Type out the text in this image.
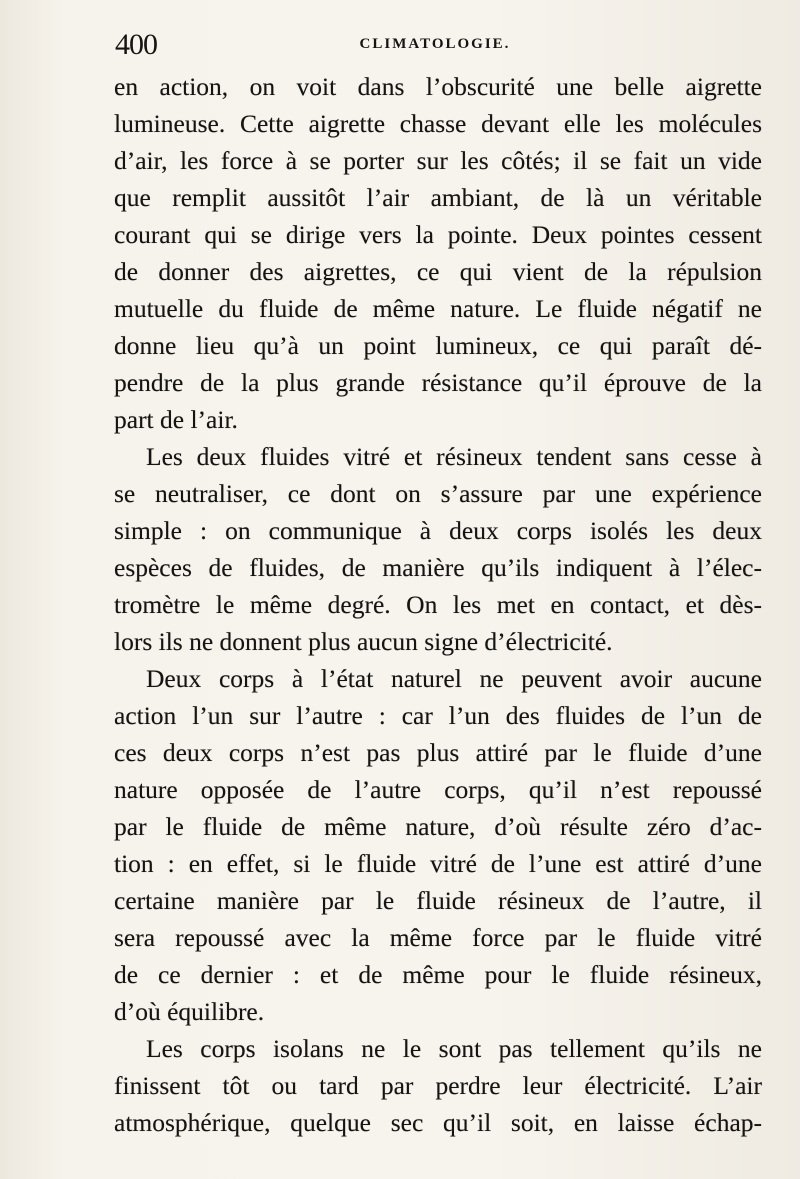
400	CLIMATOLOGIE.
en action, on voit dans l’obscurité une belle aigrette
lumineuse. Cette aigrette chasse devant elle les molécules
d’air, les force à se porter sur les côtés; il se fait un vide
que remplit aussitôt l’air ambiant, de là un véritable
courant qui se dirige vers la pointe. Deux pointes cessent
de donner des aigrettes, ce qui vient de la répulsion
mutuelle du fluide de même nature. Le fluide négatif ne
donne lieu qu’à un point lumineux, ce qui paraît dé-
pendre de la plus grande résistance qu’il éprouve de la
part de l’air.
Les deux fluides vitré et résineux tendent sans cesse à
se neutraliser, ce dont on s’assure par une expérience
simple : on communique à deux corps isolés les deux
espèces de fluides, de manière qu’ils indiquent à l’élec-
tromètre le même degré. On les met en contact, et dès-
lors ils ne donnent plus aucun signe d’électricité.
Deux corps à l’état naturel ne peuvent avoir aucune
action l’un sur l’autre : car l’un des fluides de l’un de
ces deux corps n’est pas plus attiré par le fluide d’une
nature opposée de l’autre corps, qu’il n’est repoussé
par le fluide de même nature, d’où résulte zéro d’ac-
tion : en effet, si le fluide vitré de l’une est attiré d’une
certaine manière par le fluide résineux de l’autre, il
sera repoussé avec la même force par le fluide vitré
de ce dernier : et de même pour le fluide résineux,
d’où équilibre.
Les corps isolans ne le sont pas tellement qu’ils ne
finissent tôt ou tard par perdre leur électricité. L’air
atmosphérique, quelque sec qu’il soit, en laisse échap-
